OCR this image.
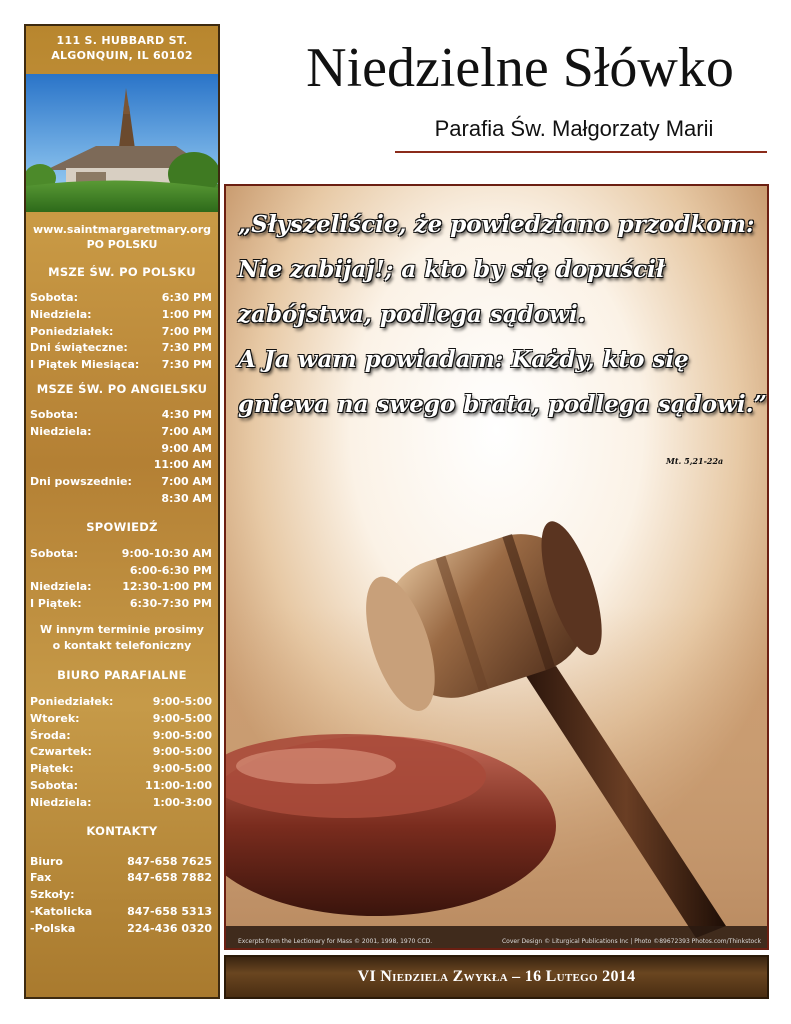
111 S. HUBBARD ST.
ALGONQUIN, IL 60102
www.saintmargaretmary.org
PO POLSKU
MSZE ŚW. PO POLSKU
Sobota:	6:30 PM
Niedziela:	1:00 PM
Poniedziałek:	7:00 PM
Dni świąteczne:	7:30 PM
I Piątek Miesiąca: 7:30 PM
MSZE ŚW. PO ANGIELSKU
Sobota:	4:30 PM
Niedziela:	7:00 AM
9:00 AM
11:00 AM
Dni powszednie:	7:00 AM
8:30 AM
SPOWIEDŹ
Sobota:	9:00-10:30 AM
6:00-6:30 PM
Niedziela:	12:30-1:00 PM
I Piątek:	6:30-7:30 PM
W innym terminie prosimy
o kontakt telefoniczny
BIURO PARAFIALNE
Poniedziałek:	9:00-5:00
Wtorek:	9:00-5:00
Środa:	9:00-5:00
Czwartek:	9:00-5:00
Piątek:	9:00-5:00
Sobota:	11:00-1:00
Niedziela:	1:00-3:00
KONTAKTY
Biuro	847-658 7625
Fax	847-658 7882
Szkoły:
-Katolicka	847-658 5313
-Polska	224-436 0320
Niedzielne Słówko
Parafia Św. Małgorzaty Marii
„Słyszeliście, że powiedziano przodkom:
Nie zabijaj!; a kto by się dopuścił
zabójstwa, podlega sądowi.
A Ja wam powiadam: Każdy, kto się
gniewa na swego brata, podlega sądowi.”
Mt. 5,21-22a
Excerpts from the Lectionary for Mass © 2001, 1998, 1970 CCD.	Cover Design © Liturgical Publications Inc | Photo ©89672393 Photos.com/Thinkstock
VI Niedziela Zwykła – 16 Lutego 2014
